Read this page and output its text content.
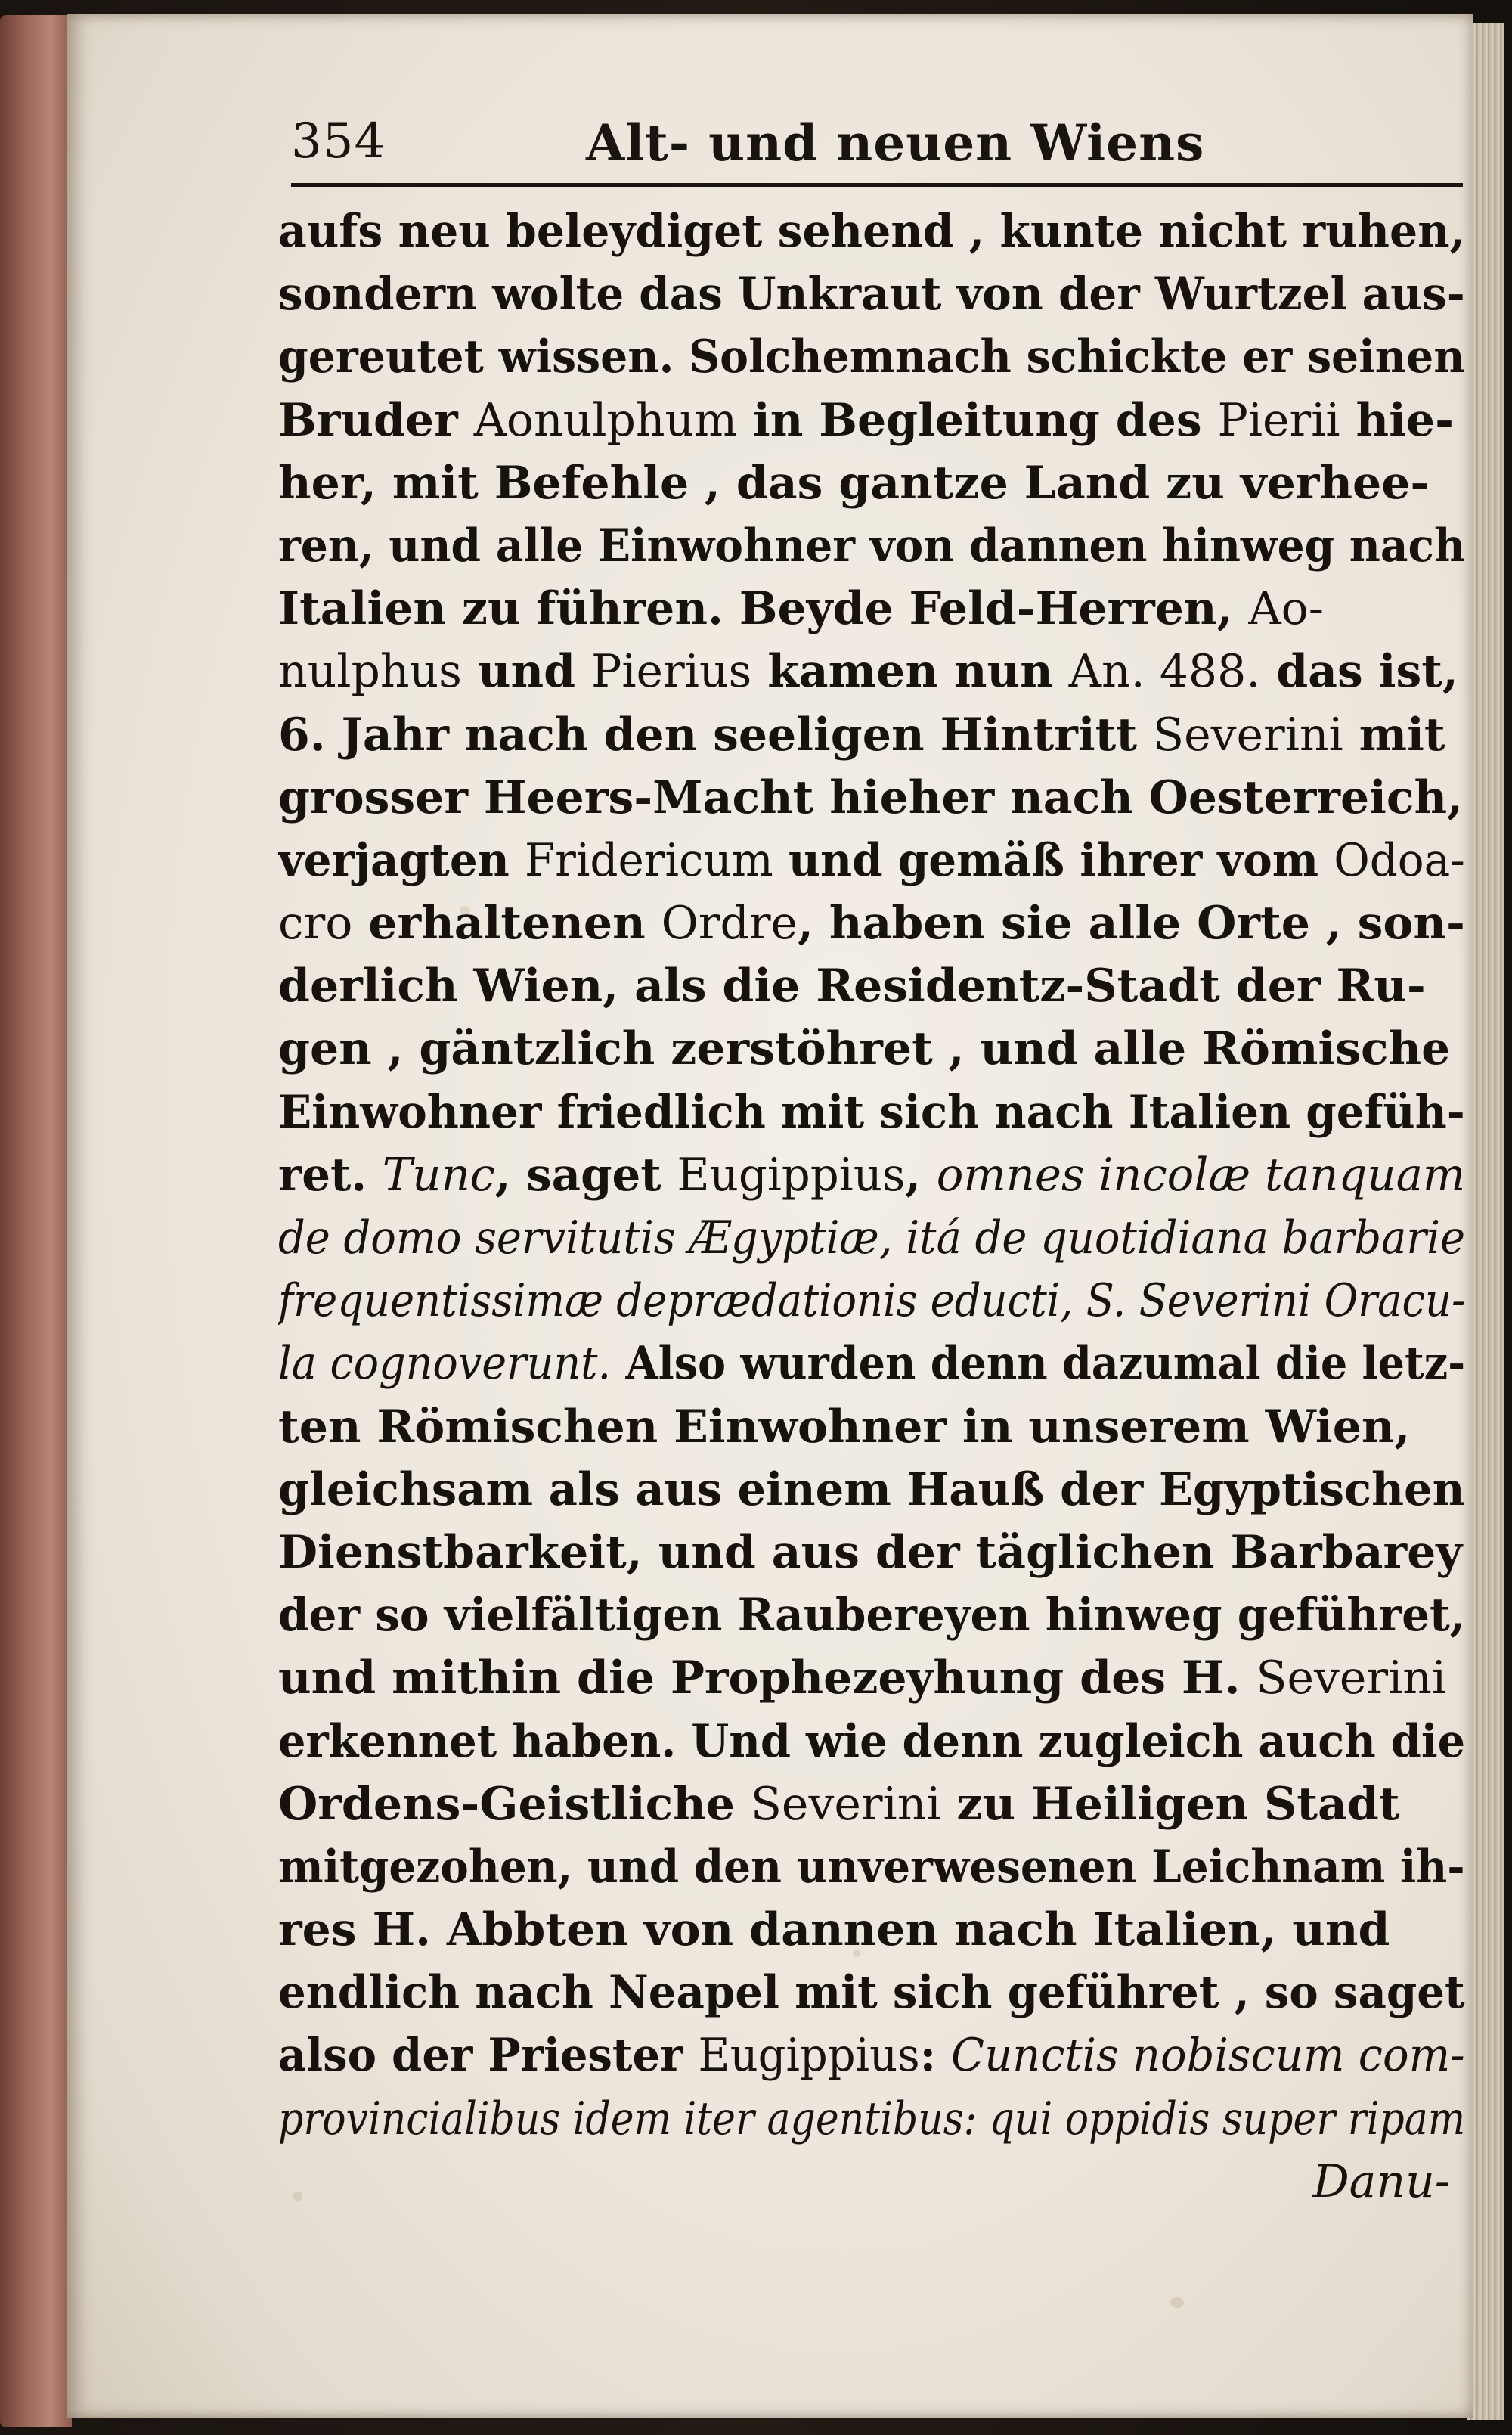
354	Alt- und neuen Wiens
aufs neu beleydiget sehend , kunte nicht ruhen,
sondern wolte das Unkraut von der Wurtzel aus-
gereutet wissen. Solchemnach schickte er seinen
Bruder Aonulphum in Begleitung des Pierii hie-
her, mit Befehle , das gantze Land zu verhee-
ren, und alle Einwohner von dannen hinweg nach
Italien zu führen. Beyde Feld-Herren, Ao-
nulphus und Pierius kamen nun An. 488. das ist,
6. Jahr nach den seeligen Hintritt Severini mit
grosser Heers-Macht hieher nach Oesterreich,
verjagten Fridericum und gemäß ihrer vom Odoa-
cro erhaltenen Ordre, haben sie alle Orte , son-
derlich Wien, als die Residentz-Stadt der Ru-
gen , gäntzlich zerstöhret , und alle Römische
Einwohner friedlich mit sich nach Italien gefüh-
ret. Tunc, saget Eugippius, omnes incolæ tanquam
de domo servitutis Ægyptiæ, itá de quotidiana barbarie
frequentissimæ deprædationis educti, S. Severini Oracu-
la cognoverunt. Also wurden denn dazumal die letz-
ten Römischen Einwohner in unserem Wien,
gleichsam als aus einem Hauß der Egyptischen
Dienstbarkeit, und aus der täglichen Barbarey
der so vielfältigen Raubereyen hinweg geführet,
und mithin die Prophezeyhung des H. Severini
erkennet haben. Und wie denn zugleich auch die
Ordens-Geistliche Severini zu Heiligen Stadt
mitgezohen, und den unverwesenen Leichnam ih-
res H. Abbten von dannen nach Italien, und
endlich nach Neapel mit sich geführet , so saget
also der Priester Eugippius: Cunctis nobiscum com-
provincialibus idem iter agentibus: qui oppidis super ripam
Danu-
